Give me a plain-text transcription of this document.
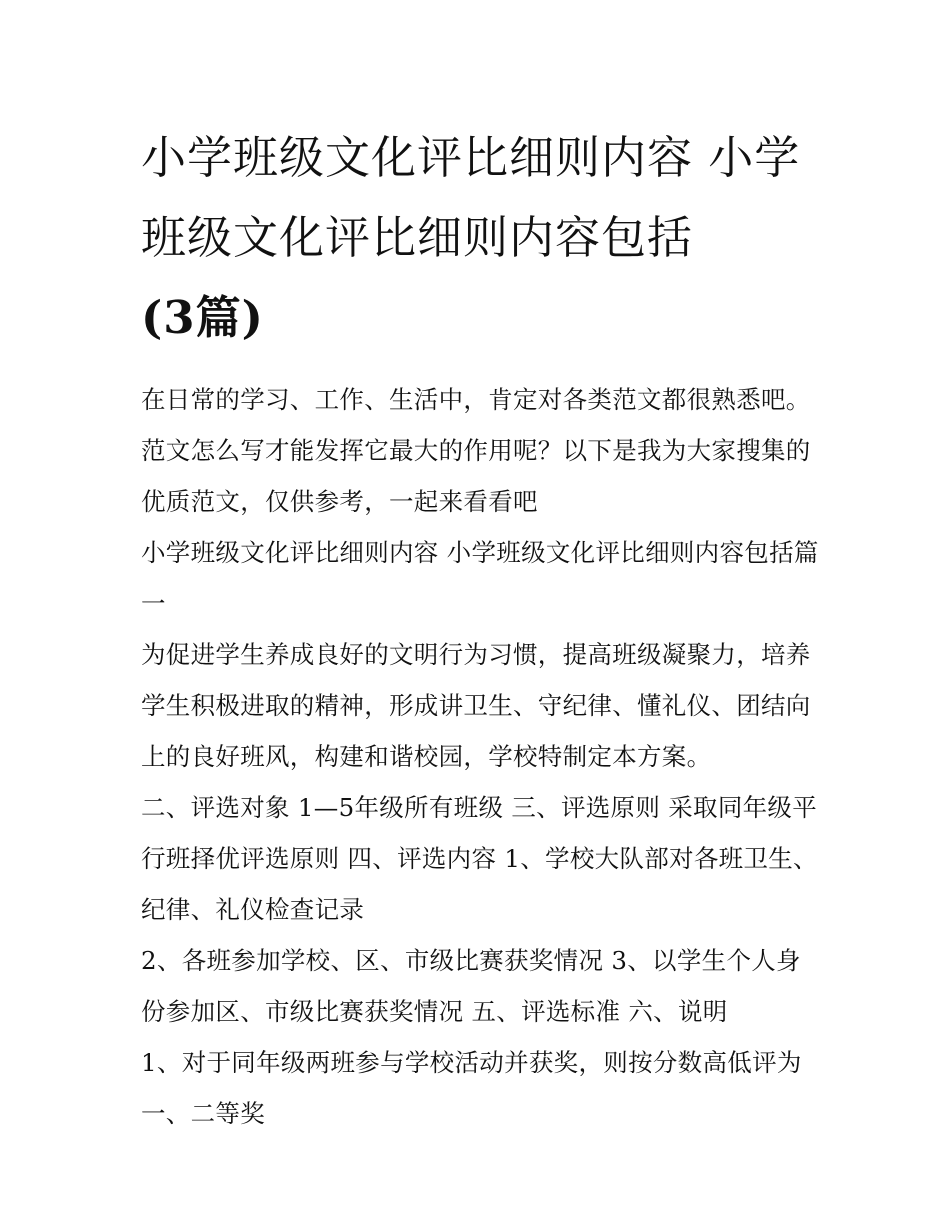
小学班级文化评比细则内容 小学班级文化评比细则内容包括
(3篇)

在日常的学习、工作、生活中，肯定对各类范文都很熟悉吧。范文怎么写才能发挥它最大的作用呢？以下是我为大家搜集的优质范文，仅供参考，一起来看看吧

小学班级文化评比细则内容 小学班级文化评比细则内容包括篇一

为促进学生养成良好的文明行为习惯，提高班级凝聚力，培养学生积极进取的精神，形成讲卫生、守纪律、懂礼仪、团结向上的良好班风，构建和谐校园，学校特制定本方案。

二、评选对象 1—5年级所有班级 三、评选原则 采取同年级平行班择优评选原则 四、评选内容 1、学校大队部对各班卫生、纪律、礼仪检查记录

2、各班参加学校、区、市级比赛获奖情况 3、以学生个人身份参加区、市级比赛获奖情况 五、评选标准 六、说明

1、对于同年级两班参与学校活动并获奖，则按分数高低评为一、二等奖
